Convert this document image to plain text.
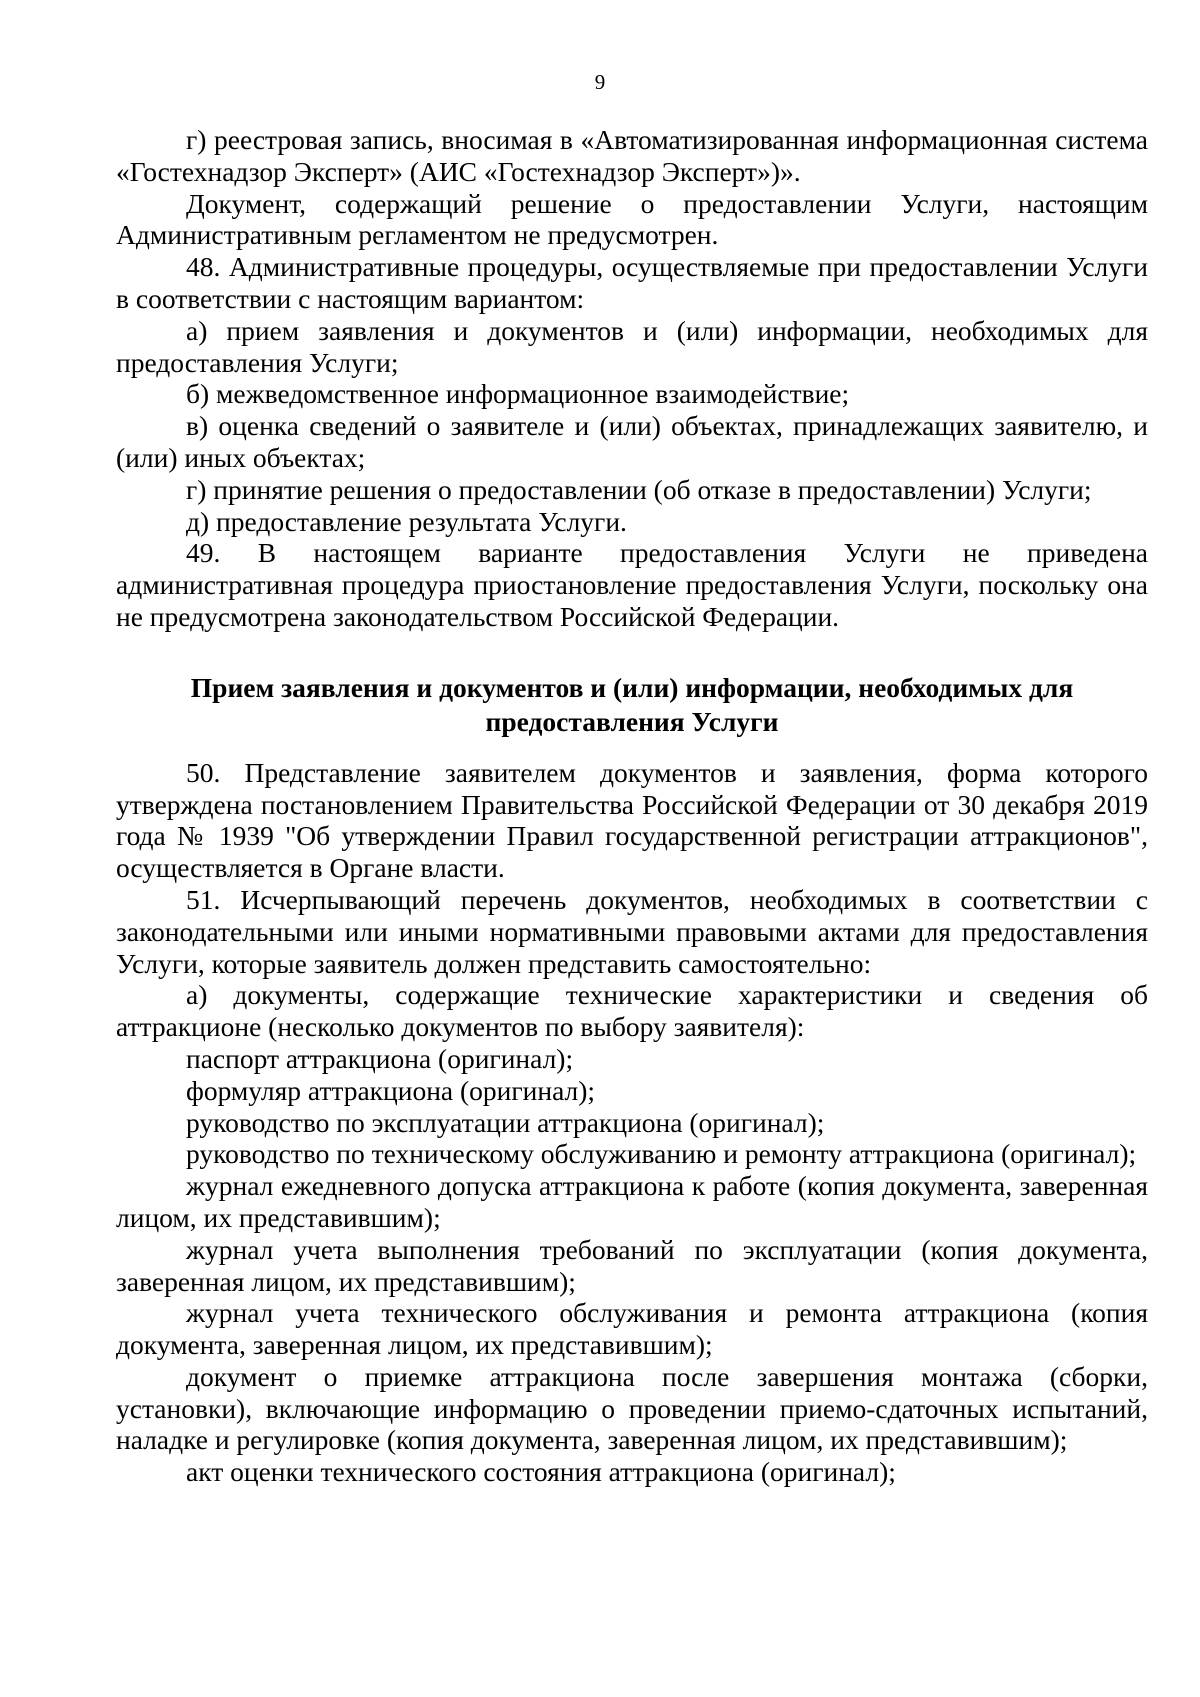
9

г) реестровая запись, вносимая в «Автоматизированная информационная система «Гостехнадзор Эксперт» (АИС «Гостехнадзор Эксперт»)».

Документ, содержащий решение о предоставлении Услуги, настоящим Административным регламентом не предусмотрен.

48. Административные процедуры, осуществляемые при предоставлении Услуги в соответствии с настоящим вариантом:

а) прием заявления и документов и (или) информации, необходимых для предоставления Услуги;

б) межведомственное информационное взаимодействие;

в) оценка сведений о заявителе и (или) объектах, принадлежащих заявителю, и (или) иных объектах;

г) принятие решения о предоставлении (об отказе в предоставлении) Услуги;

д) предоставление результата Услуги.

49. В настоящем варианте предоставления Услуги не приведена административная процедура приостановление предоставления Услуги, поскольку она не предусмотрена законодательством Российской Федерации.

Прием заявления и документов и (или) информации, необходимых для
предоставления Услуги

50. Представление заявителем документов и заявления, форма которого утверждена постановлением Правительства Российской Федерации от 30 декабря 2019 года № 1939 "Об утверждении Правил государственной регистрации аттракционов", осуществляется в Органе власти.

51. Исчерпывающий перечень документов, необходимых в соответствии с законодательными или иными нормативными правовыми актами для предоставления Услуги, которые заявитель должен представить самостоятельно:

а) документы, содержащие технические характеристики и сведения об аттракционе (несколько документов по выбору заявителя):

паспорт аттракциона (оригинал);

формуляр аттракциона (оригинал);

руководство по эксплуатации аттракциона (оригинал);

руководство по техническому обслуживанию и ремонту аттракциона (оригинал);

журнал ежедневного допуска аттракциона к работе (копия документа, заверенная лицом, их представившим);

журнал учета выполнения требований по эксплуатации (копия документа, заверенная лицом, их представившим);

журнал учета технического обслуживания и ремонта аттракциона (копия документа, заверенная лицом, их представившим);

документ о приемке аттракциона после завершения монтажа (сборки, установки), включающие информацию о проведении приемо-сдаточных испытаний, наладке и регулировке (копия документа, заверенная лицом, их представившим);

акт оценки технического состояния аттракциона (оригинал);
